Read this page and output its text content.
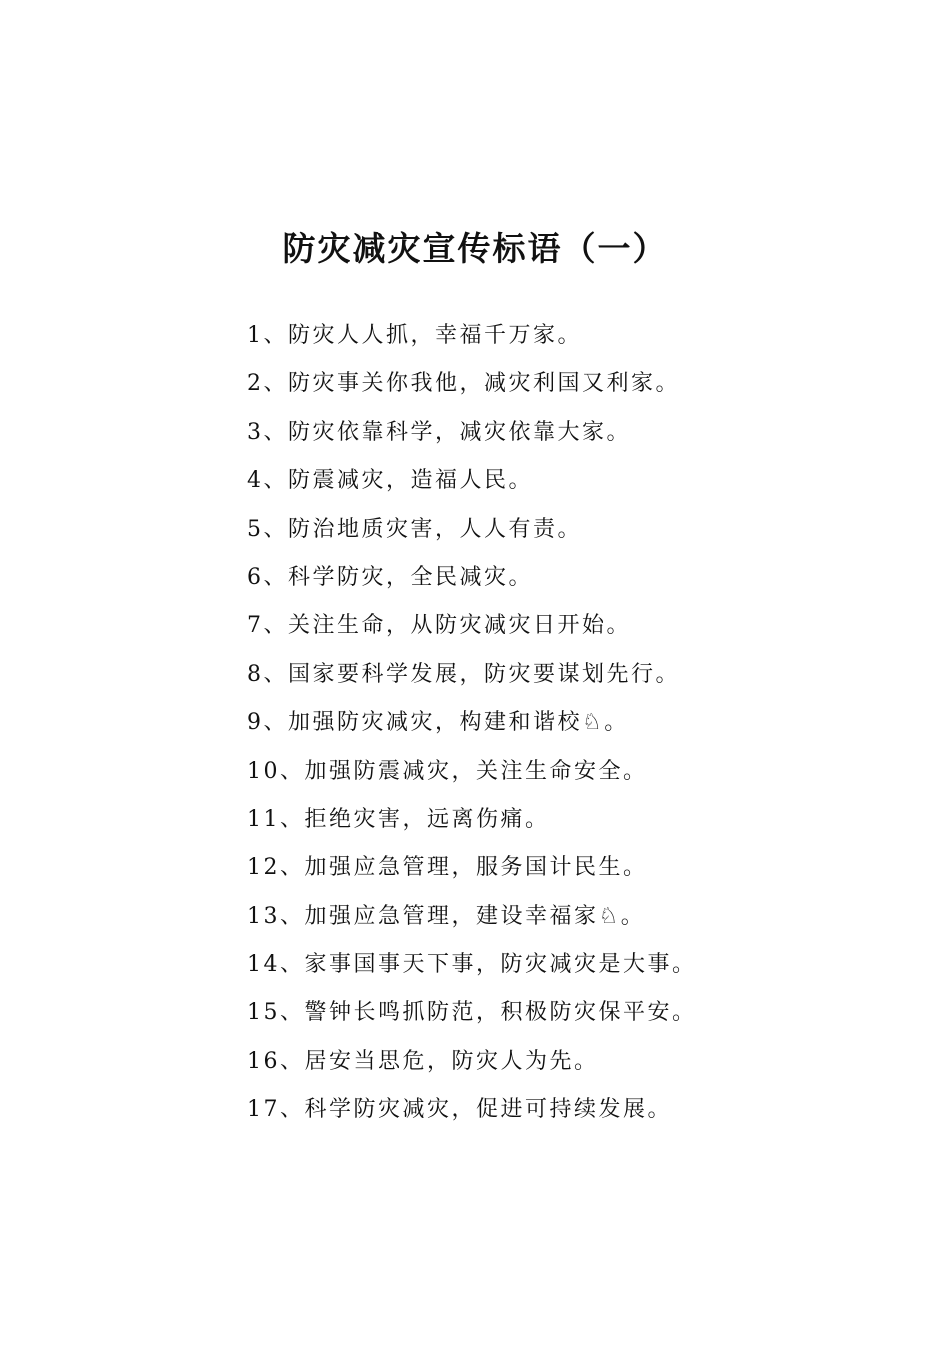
防灾减灾宣传标语（一）
1、防灾人人抓，幸福千万家。
2、防灾事关你我他，减灾利国又利家。
3、防灾依靠科学，减灾依靠大家。
4、防震减灾，造福人民。
5、防治地质灾害，人人有责。
6、科学防灾，全民减灾。
7、关注生命，从防灾减灾日开始。
8、国家要科学发展，防灾要谋划先行。
9、加强防灾减灾，构建和谐校♘。
10、加强防震减灾，关注生命安全。
11、拒绝灾害，远离伤痛。
12、加强应急管理，服务国计民生。
13、加强应急管理，建设幸福家♘。
14、家事国事天下事，防灾减灾是大事。
15、警钟长鸣抓防范，积极防灾保平安。
16、居安当思危，防灾人为先。
17、科学防灾减灾，促进可持续发展。
